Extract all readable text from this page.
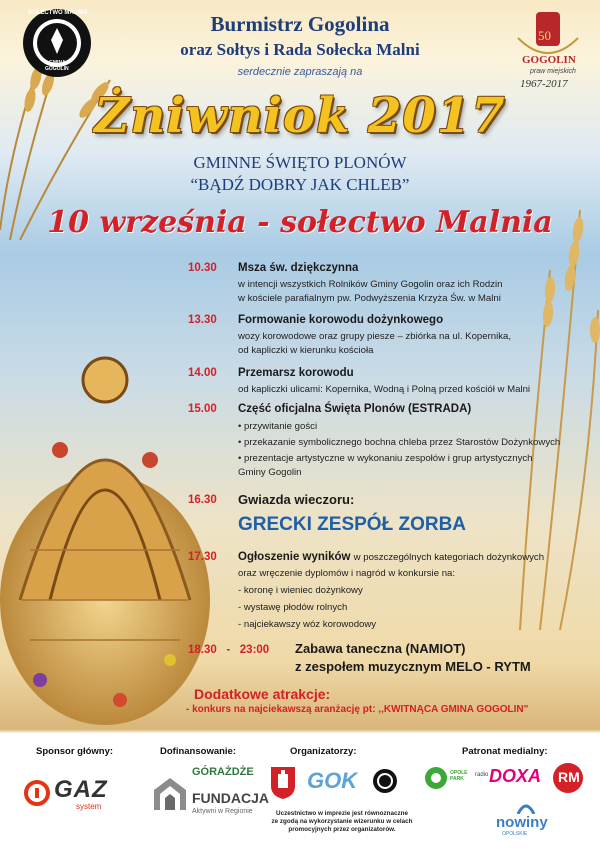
SOŁECTWO MALNIA
GMINA
GOGOLIN
50
GOGOLIN
praw miejskich
1967-2017
Burmistrz Gogolina
oraz Sołtys i Rada Sołecka Malni
serdecznie zapraszają na
Żniwniok 2017
GMINNE ŚWIĘTO PLONÓW
“BĄDŹ DOBRY JAK CHLEB”
10 września - sołectwo Malnia
10.30 Msza św. dziękczynna
w intencji wszystkich Rolników Gminy Gogolin oraz ich Rodzin
w kościele parafialnym pw. Podwyższenia Krzyża Św. w Malni
13.30 Formowanie korowodu dożynkowego
wozy korowodowe oraz grupy piesze – zbiórka na ul. Kopernika,
od kapliczki w kierunku kościoła
14.00 Przemarsz korowodu
od kapliczki ulicami: Kopernika, Wodną i Polną przed kościół w Malni
15.00 Część oficjalna Święta Plonów (ESTRADA)
• przywitanie gości
• przekazanie symbolicznego bochna chleba przez Starostów Dożynkowych
• prezentacje artystyczne w wykonaniu zespołów i grup artystycznych
Gminy Gogolin
16.30 Gwiazda wieczoru:
GRECKI ZESPÓŁ ZORBA
17.30 Ogłoszenie wyników w poszczególnych kategoriach dożynkowych
oraz wręczenie dyplomów i nagród w konkursie na:
- koronę i wieniec dożynkowy
- wystawę płodów rolnych
- najciekawszy wóz korowodowy
18.30   -   23:00 Zabawa taneczna (NAMIOT)
z zespołem muzycznym MELO - RYTM
Dodatkowe atrakcje:
- konkurs na najciekawszą aranżację pt: ,,KWITNĄCA GMINA GOGOLIN"
Sponsor główny:	Dofinansowanie:	Organizatorzy:	Patronat medialny:
GAZ
system
GÓRAŻDŻE
FUNDACJA
Aktywni w Regionie
GOK
Uczestnictwo w imprezie jest równoznaczne
ze zgodą na wykorzystanie wizerunku w celach
promocyjnych przez organizatorów.
OPOLE PARK
radio DOXA RM
nowiny
OPOLSKIE
